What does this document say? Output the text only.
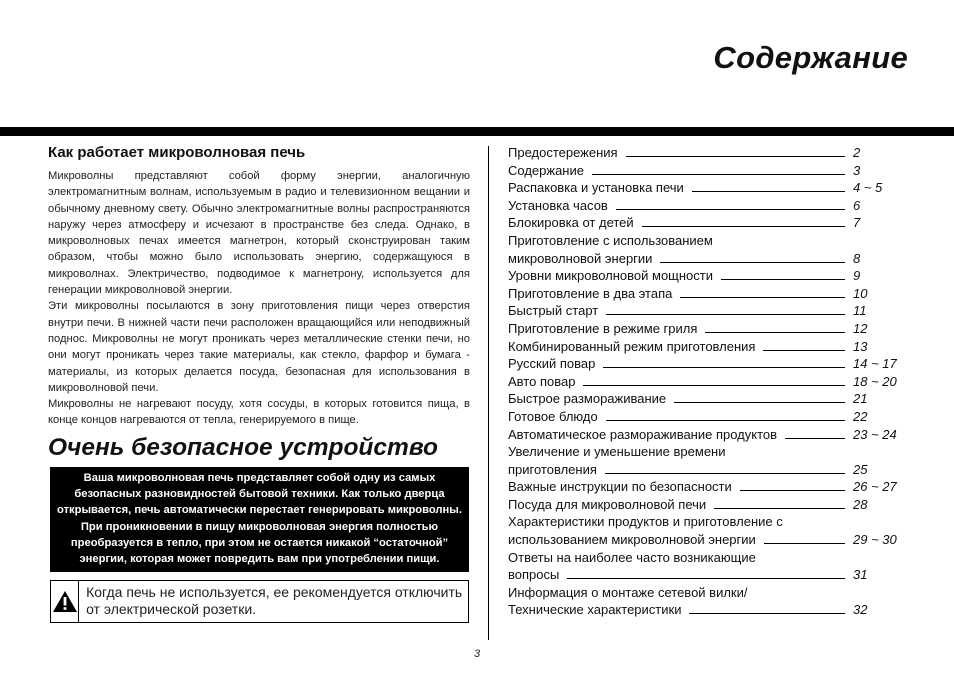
Содержание
Как работает микроволновая печь

Микроволны представляют собой форму энергии, аналогичную электромагнитным волнам, используемым в радио и телевизионном вещании и обычному дневному свету. Обычно электромагнитные волны распространяются наружу через атмосферу и исчезают в пространстве без следа. Однако, в микроволновых печах имеется магнетрон, который сконструирован таким образом, чтобы можно было использовать энергию, содержащуюся в микроволнах. Электричество, подводимое к магнетрону, используется для генерации микроволновой энергии.

Эти микроволны посылаются в зону приготовления пищи через отверстия внутри печи. В нижней части печи расположен вращающийся или неподвижный поднос. Микроволны не могут проникать через металлические стенки печи, но они могут проникать через такие материалы, как стекло, фарфор и бумага - материалы, из которых делается посуда, безопасная для использования в микроволновой печи.

Микроволны не нагревают посуду, хотя сосуды, в которых готовится пища, в конце концов нагреваются от тепла, генерируемого в пище.

Очень безопасное устройство
Ваша микроволновая печь представляет собой одну из самых безопасных разновидностей бытовой техники. Как только дверца открывается, печь автоматически перестает генерировать микроволны. При проникновении в пищу микроволновая энергия полностью преобразуется в тепло, при этом не остается никакой “остаточной” энергии, которая может повредить вам при употреблении пищи.
Когда печь не используется, ее рекомендуется отключить от электрической розетки.
3
Предостережения	2
Содержание	3
Распаковка и установка печи	4 ~ 5
Установка часов	6
Блокировка от детей	7
Приготовление с использованием
микроволновой энергии	8
Уровни микроволновой мощности	9
Приготовление в два этапа	10
Быстрый старт	11
Приготовление в режиме гриля	12
Комбинированный режим приготовления	13
Русский повар	14 ~ 17
Авто повар	18 ~ 20
Быстрое размораживание	21
Готовое блюдо	22
Автоматическое размораживание продуктов	23 ~ 24
Увеличение и уменьшение времени
приготовления	25
Важные инструкции по безопасности	26 ~ 27
Посуда для микроволновой печи	28
Характеристики продуктов и приготовление с
использованием микроволновой энергии	29 ~ 30
Ответы на наиболее часто возникающие
вопросы	31
Информация о монтаже сетевой вилки/
Технические характеристики	32
